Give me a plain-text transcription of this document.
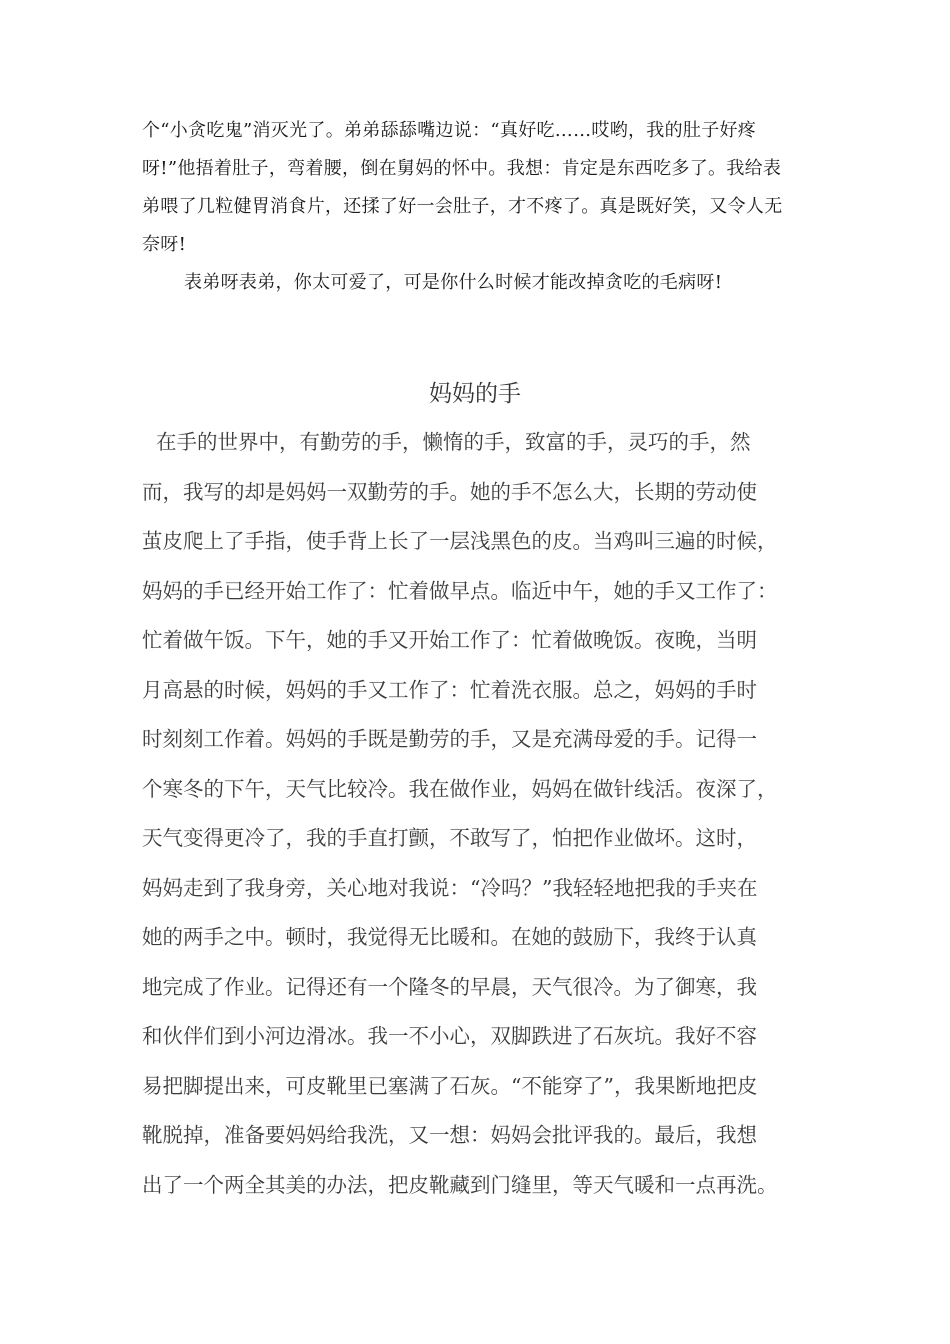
个“小贪吃鬼”消灭光了。弟弟舔舔嘴边说：“真好吃……哎哟，我的肚子好疼
呀!”他捂着肚子，弯着腰，倒在舅妈的怀中。我想：肯定是东西吃多了。我给表
弟喂了几粒健胃消食片，还揉了好一会肚子，才不疼了。真是既好笑，又令人无
奈呀!
表弟呀表弟，你太可爱了，可是你什么时候才能改掉贪吃的毛病呀!
妈妈的手
在手的世界中，有勤劳的手，懒惰的手，致富的手，灵巧的手，然
而，我写的却是妈妈一双勤劳的手。她的手不怎么大，长期的劳动使
茧皮爬上了手指，使手背上长了一层浅黑色的皮。当鸡叫三遍的时候，
妈妈的手已经开始工作了：忙着做早点。临近中午，她的手又工作了：
忙着做午饭。下午，她的手又开始工作了：忙着做晚饭。夜晚，当明
月高悬的时候，妈妈的手又工作了：忙着洗衣服。总之，妈妈的手时
时刻刻工作着。妈妈的手既是勤劳的手，又是充满母爱的手。记得一
个寒冬的下午，天气比较冷。我在做作业，妈妈在做针线活。夜深了，
天气变得更冷了，我的手直打颤，不敢写了，怕把作业做坏。这时，
妈妈走到了我身旁，关心地对我说：“冷吗？”我轻轻地把我的手夹在
她的两手之中。顿时，我觉得无比暖和。在她的鼓励下，我终于认真
地完成了作业。记得还有一个隆冬的早晨，天气很冷。为了御寒，我
和伙伴们到小河边滑冰。我一不小心，双脚跌进了石灰坑。我好不容
易把脚提出来，可皮靴里已塞满了石灰。“不能穿了”，我果断地把皮
靴脱掉，准备要妈妈给我洗，又一想：妈妈会批评我的。最后，我想
出了一个两全其美的办法，把皮靴藏到门缝里，等天气暖和一点再洗。
